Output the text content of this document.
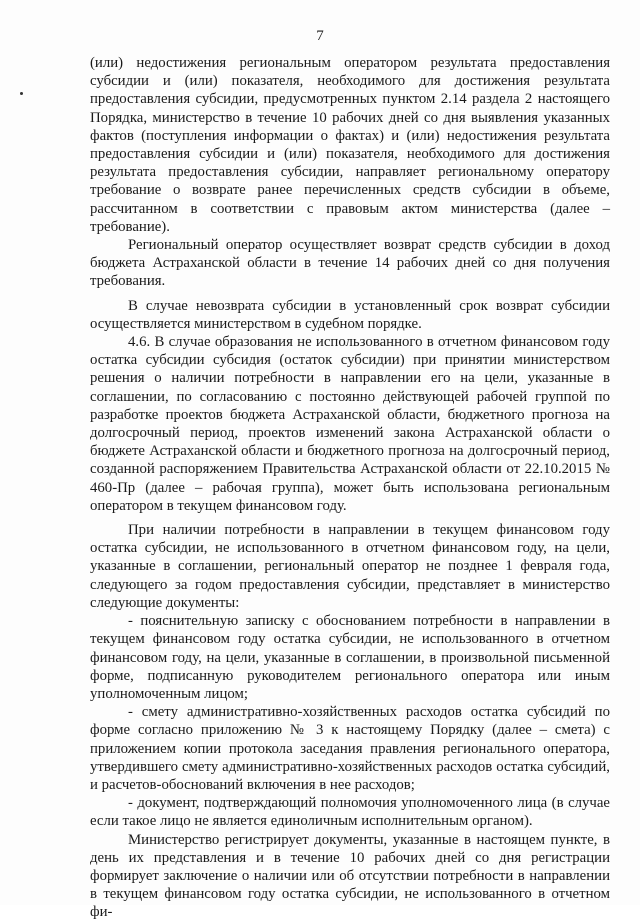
7

(или) недостижения региональным оператором результата предоставления субсидии и (или) показателя, необходимого для достижения результата предоставления субсидии, предусмотренных пунктом 2.14 раздела 2 настоящего Порядка, министерство в течение 10 рабочих дней со дня выявления указанных фактов (поступления информации о фактах) и (или) недостижения результата предоставления субсидии и (или) показателя, необходимого для достижения результата предоставления субсидии, направляет региональному оператору требование о возврате ранее перечисленных средств субсидии в объеме, рассчитанном в соответствии с правовым актом министерства (далее – требование).

Региональный оператор осуществляет возврат средств субсидии в доход бюджета Астраханской области в течение 14 рабочих дней со дня получения требования.

В случае невозврата субсидии в установленный срок возврат субсидии осуществляется министерством в судебном порядке.

4.6. В случае образования не использованного в отчетном финансовом году остатка субсидии субсидия (остаток субсидии) при принятии министерством решения о наличии потребности в направлении его на цели, указанные в соглашении, по согласованию с постоянно действующей рабочей группой по разработке проектов бюджета Астраханской области, бюджетного прогноза на долгосрочный период, проектов изменений закона Астраханской области о бюджете Астраханской области и бюджетного прогноза на долгосрочный период, созданной распоряжением Правительства Астраханской области от 22.10.2015 № 460-Пр (далее – рабочая группа), может быть использована региональным оператором в текущем финансовом году.

При наличии потребности в направлении в текущем финансовом году остатка субсидии, не использованного в отчетном финансовом году, на цели, указанные в соглашении, региональный оператор не позднее 1 февраля года, следующего за годом предоставления субсидии, представляет в министерство следующие документы:

- пояснительную записку с обоснованием потребности в направлении в текущем финансовом году остатка субсидии, не использованного в отчетном финансовом году, на цели, указанные в соглашении, в произвольной письменной форме, подписанную руководителем регионального оператора или иным уполномоченным лицом;

- смету административно-хозяйственных расходов остатка субсидий по форме согласно приложению № 3 к настоящему Порядку (далее – смета) с приложением копии протокола заседания правления регионального оператора, утвердившего смету административно-хозяйственных расходов остатка субсидий, и расчетов-обоснований включения в нее расходов;

- документ, подтверждающий полномочия уполномоченного лица (в случае если такое лицо не является единоличным исполнительным органом).

Министерство регистрирует документы, указанные в настоящем пункте, в день их представления и в течение 10 рабочих дней со дня регистрации формирует заключение о наличии или об отсутствии потребности в направлении в текущем финансовом году остатка субсидии, не использованного в отчетном фи-
